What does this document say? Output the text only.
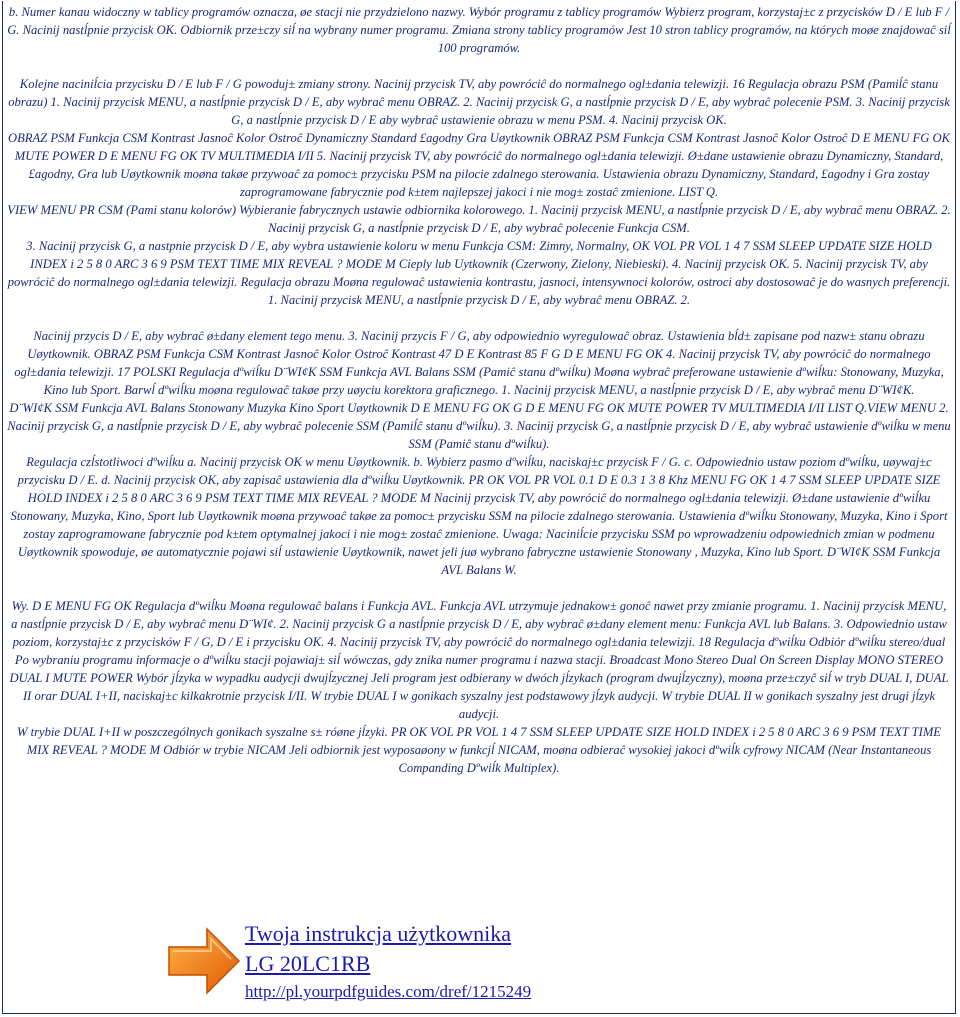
b. Numer kanau widoczny w tablicy programów oznacza, øe stacji nie przydzielono nazwy. Wybór programu z tablicy programów Wybierz program, korzystaj±c z przycisków D / E lub F / G. Nacinij nastĺpnie przycisk OK. Odbiornik prze±czy siĺ na wybrany numer programu. Zmiana strony tablicy programów Jest 10 stron tablicy programów, na których moøe znajdowaĉ siĺ 100 programów.

Kolejne naciniĺcia przycisku D / E lub F / G powoduj± zmiany strony. Nacinij przycisk TV, aby powróciĉ do normalnego ogl±dania telewizji. 16 Regulacja obrazu PSM (Pamiĺĉ stanu obrazu) 1. Nacinij przycisk MENU, a nastĺpnie przycisk D / E, aby wybraĉ menu OBRAZ. 2. Nacinij przycisk G, a nastĺpnie przycisk D / E, aby wybraĉ polecenie PSM. 3. Nacinij przycisk G, a nastĺpnie przycisk D / E aby wybraĉ ustawienie obrazu w menu PSM. 4. Nacinij przycisk OK.

OBRAZ PSM Funkcja CSM Kontrast Jasnoĉ Kolor Ostroĉ Dynamiczny Standard £agodny Gra Uøytkownik OBRAZ PSM Funkcja CSM Kontrast Jasnoĉ Kolor Ostroĉ D E MENU FG OK MUTE POWER D E MENU FG OK TV MULTIMEDIA I/II 5. Nacinij przycisk TV, aby powróciĉ do normalnego ogl±dania telewizji. Ø±dane ustawienie obrazu Dynamiczny, Standard, £agodny, Gra lub Uøytkownik moøna takøe przywoaĉ za pomoc± przycisku PSM na pilocie zdalnego sterowania. Ustawienia obrazu Dynamiczny, Standard, £agodny i Gra zostay zaprogramowane fabrycznie pod k±tem najlepszej jakoci i nie mog± zostaĉ zmienione. LIST Q.

VIEW MENU PR CSM (Pami stanu kolorów) Wybieranie fabrycznych ustawie odbiornika kolorowego. 1. Nacinij przycisk MENU, a nastĺpnie przycisk D / E, aby wybraĉ menu OBRAZ. 2. Nacinij przycisk G, a nastĺpnie przycisk D / E, aby wybraĉ polecenie Funkcja CSM.

3. Nacinij przycisk G, a nastpnie przycisk D / E, aby wybra ustawienie koloru w menu Funkcja CSM: Zimny, Normalny, OK VOL PR VOL 1 4 7 SSM SLEEP UPDATE SIZE HOLD INDEX i 2 5 8 0 ARC 3 6 9 PSM TEXT TIME MIX REVEAL ? MODE M Cieply lub Uytkownik (Czerwony, Zielony, Niebieski). 4. Nacinij przycisk OK. 5. Nacinij przycisk TV, aby powróciĉ do normalnego ogl±dania telewizji. Regulacja obrazu Moøna regulowaĉ ustawienia kontrastu, jasnoci, intensywnoci kolorów, ostroci aby dostosowaĉ je do wasnych preferencji. 1. Nacinij przycisk MENU, a nastĺpnie przycisk D / E, aby wybraĉ menu OBRAZ. 2.

Nacinij przycis D / E, aby wybraĉ ø±dany element tego menu. 3. Nacinij przycis F / G, aby odpowiednio wyregulowaĉ obraz. Ustawienia bĺd± zapisane pod nazw± stanu obrazu Uøytkownik. OBRAZ PSM Funkcja CSM Kontrast Jasnoĉ Kolor Ostroĉ Kontrast 47 D E Kontrast 85 F G D E MENU FG OK 4. Nacinij przycisk TV, aby powróciĉ do normalnego ogl±dania telewizji. 17 POLSKI Regulacja dºwiĺku D¨WI¢K SSM Funkcja AVL Balans SSM (Pamiĉ stanu dºwiĺku) Moøna wybraĉ preferowane ustawienie dºwiĺku: Stonowany, Muzyka, Kino lub Sport. Barwĺ dºwiĺku moøna regulowaĉ takøe przy uøyciu korektora graficznego. 1. Nacinij przycisk MENU, a nastĺpnie przycisk D / E, aby wybraĉ menu D¨WI¢K.

D¨WI¢K SSM Funkcja AVL Balans Stonowany Muzyka Kino Sport Uøytkownik D E MENU FG OK G D E MENU FG OK MUTE POWER TV MULTIMEDIA I/II LIST Q.VIEW MENU 2. Nacinij przycisk G, a nastĺpnie przycisk D / E, aby wybraĉ polecenie SSM (Pamiĺĉ stanu dºwiĺku). 3. Nacinij przycisk G, a nastĺpnie przycisk D / E, aby wybraĉ ustawienie dºwiĺku w menu SSM (Pamiĉ stanu dºwiĺku).

Regulacja czĺstotliwoci dºwiĺku a. Nacinij przycisk OK w menu Uøytkownik. b. Wybierz pasmo dºwiĺku, naciskaj±c przycisk F / G. c. Odpowiednio ustaw poziom dºwiĺku, uøywaj±c przycisku D / E. d. Nacinij przycisk OK, aby zapisaĉ ustawienia dla dºwiĺku Uøytkownik. PR OK VOL PR VOL 0.1 D E 0.3 1 3 8 Khz MENU FG OK 1 4 7 SSM SLEEP UPDATE SIZE HOLD INDEX i 2 5 8 0 ARC 3 6 9 PSM TEXT TIME MIX REVEAL ? MODE M Nacinij przycisk TV, aby powróciĉ do normalnego ogl±dania telewizji. Ø±dane ustawienie dºwiĺku Stonowany, Muzyka, Kino, Sport lub Uøytkownik moøna przywoaĉ takøe za pomoc± przycisku SSM na pilocie zdalnego sterowania. Ustawienia dºwiĺku Stonowany, Muzyka, Kino i Sport zostay zaprogramowane fabrycznie pod k±tem optymalnej jakoci i nie mog± zostaĉ zmienione. Uwaga: Naciniĺcie przycisku SSM po wprowadzeniu odpowiednich zmian w podmenu Uøytkownik spowoduje, øe automatycznie pojawi siĺ ustawienie Uøytkownik, nawet jeli juø wybrano fabryczne ustawienie Stonowany , Muzyka, Kino lub Sport. D¨WI¢K SSM Funkcja AVL Balans W.

Wy. D E MENU FG OK Regulacja dºwiĺku Moøna regulowaĉ balans i Funkcja AVL. Funkcja AVL utrzymuje jednakow± gonoĉ nawet przy zmianie programu. 1. Nacinij przycisk MENU, a nastĺpnie przycisk D / E, aby wybraĉ menu D¨WI¢. 2. Nacinij przycisk G a nastĺpnie przycisk D / E, aby wybraĉ ø±dany element menu: Funkcja AVL lub Balans. 3. Odpowiednio ustaw poziom, korzystaj±c z przycisków F / G, D / E i przycisku OK. 4. Nacinij przycisk TV, aby powróciĉ do normalnego ogl±dania telewizji. 18 Regulacja dºwiĺku Odbiór dºwiĺku stereo/dual Po wybraniu programu informacje o dºwiĺku stacji pojawiaj± siĺ wówczas, gdy znika numer programu i nazwa stacji. Broadcast Mono Stereo Dual On Screen Display MONO STEREO DUAL I MUTE POWER Wybór jĺzyka w wypadku audycji dwujĺzycznej Jeli program jest odbierany w dwóch jĺzykach (program dwujĺzyczny), moøna prze±czyĉ siĺ w tryb DUAL I, DUAL II orar DUAL I+II, naciskaj±c kilkakrotnie przycisk I/II. W trybie DUAL I w gonikach syszalny jest podstawowy jĺzyk audycji. W trybie DUAL II w gonikach syszalny jest drugi jĺzyk audycji.

W trybie DUAL I+II w poszczególnych gonikach syszalne s± róøne jĺzyki. PR OK VOL PR VOL 1 4 7 SSM SLEEP UPDATE SIZE HOLD INDEX i 2 5 8 0 ARC 3 6 9 PSM TEXT TIME MIX REVEAL ? MODE M Odbiór w trybie NICAM Jeli odbiornik jest wyposaøony w funkcjĺ NICAM, moøna odbieraĉ wysokiej jakoci dºwiĺk cyfrowy NICAM (Near Instantaneous Companding Dºwiĺk Multiplex).

Twoja instrukcja użytkownika
LG 20LC1RB
http://pl.yourpdfguides.com/dref/1215249
